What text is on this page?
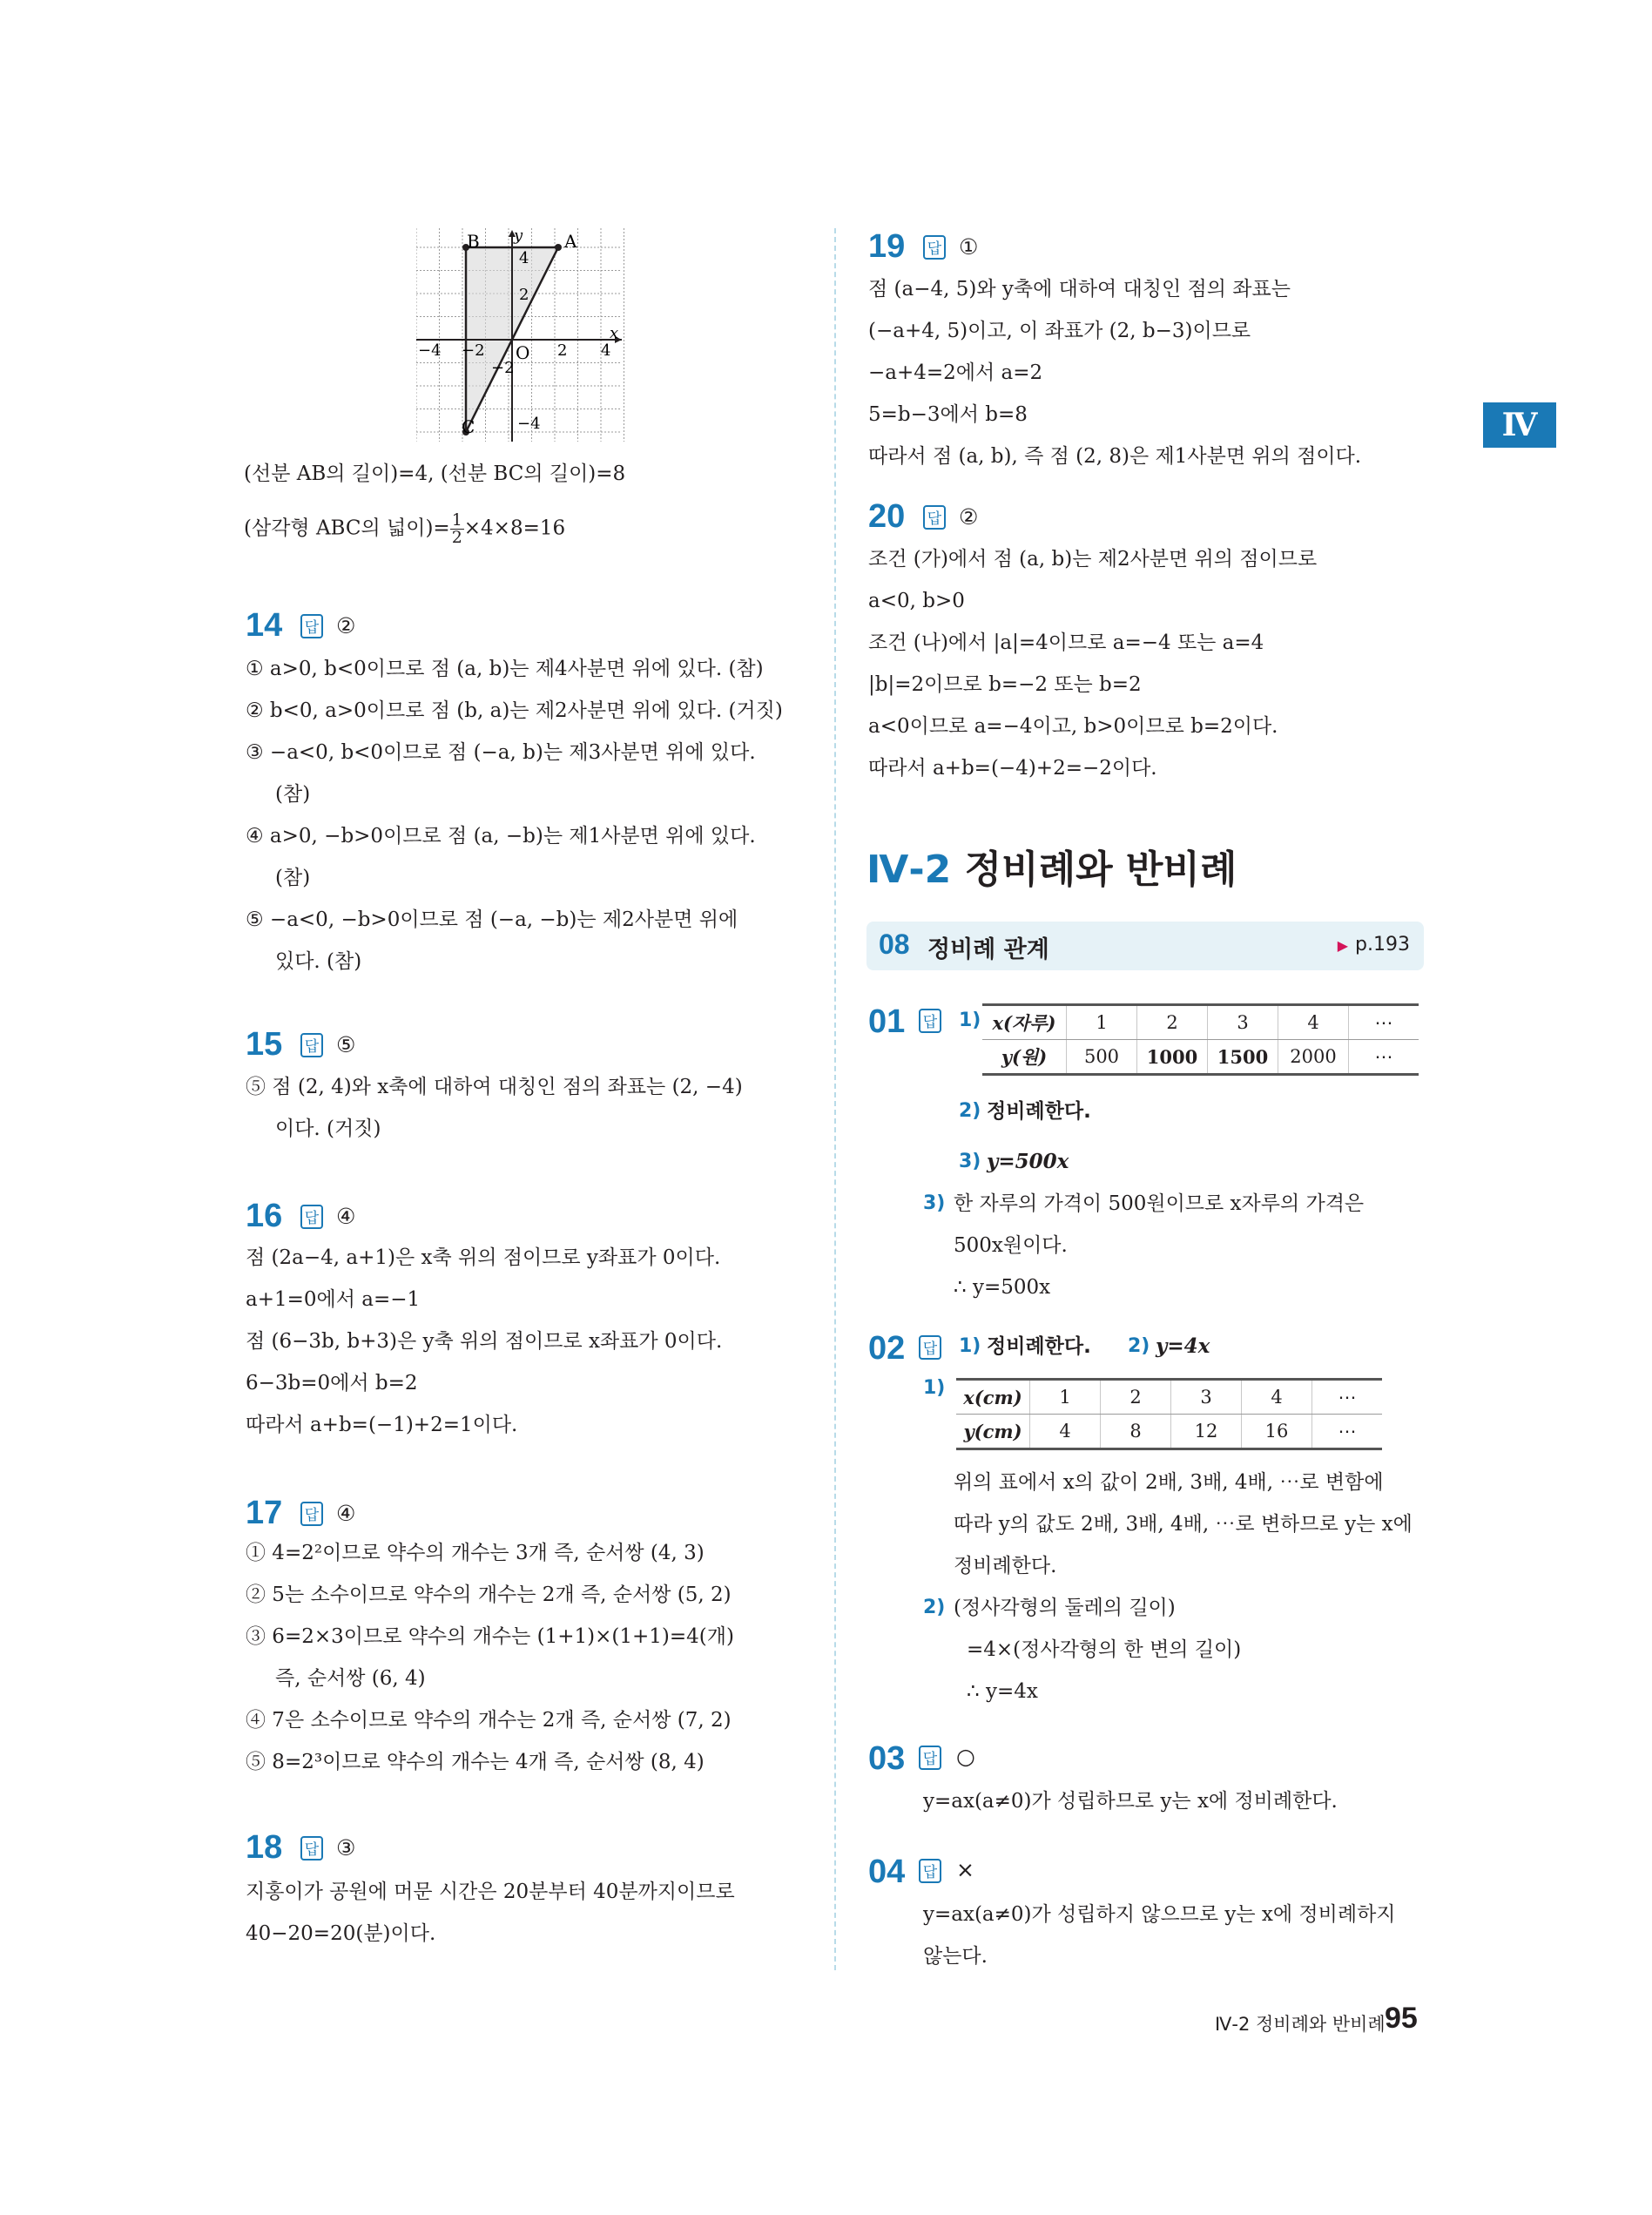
Ⅳ
B	A
C
O
x
y
−4 −2	2 4
4
2
−2
−4
(선분 AB의 길이)=4, (선분 BC의 길이)=8
(삼각형 ABC의 넓이)= $\frac{1}{2} \times 4\times 8=16$
14 답 ②
① a>0, b<0이므로 점 (a, b)는 제4사분면 위에 있다. (참)
② b<0, a>0이므로 점 (b, a)는 제2사분면 위에 있다. (거짓)
③ −a<0, b<0이므로 점 (−a, b)는 제3사분면 위에 있다.
(참)
④ a>0, −b>0이므로 점 (a, −b)는 제1사분면 위에 있다.
(참)
⑤ −a<0, −b>0이므로 점 (−a, −b)는 제2사분면 위에
있다. (참)
15 답 ⑤
⑤ 점 (2, 4)와 x축에 대하여 대칭인 점의 좌표는 (2, −4)
이다. (거짓)
16 답 ④
점 (2a−4, a+1)은 x축 위의 점이므로 y좌표가 0이다.
a+1=0에서 a=−1
점 (6−3b, b+3)은 y축 위의 점이므로 x좌표가 0이다.
6−3b=0에서 b=2
따라서 a+b=(−1)+2=1이다.
17 답 ④
① 4=2²이므로 약수의 개수는 3개 즉, 순서쌍 (4, 3)
② 5는 소수이므로 약수의 개수는 2개 즉, 순서쌍 (5, 2)
③ 6=2×3이므로 약수의 개수는 (1+1)×(1+1)=4(개)
즉, 순서쌍 (6, 4)
④ 7은 소수이므로 약수의 개수는 2개 즉, 순서쌍 (7, 2)
⑤ 8=2³이므로 약수의 개수는 4개 즉, 순서쌍 (8, 4)
18 답 ③
지홍이가 공원에 머문 시간은 20분부터 40분까지이므로
40−20=20(분)이다.
19 답 ①
점 (a−4, 5)와 y축에 대하여 대칭인 점의 좌표는
(−a+4, 5)이고, 이 좌표가 (2, b−3)이므로
−a+4=2에서 a=2
5=b−3에서 b=8
따라서 점 (a, b), 즉 점 (2, 8)은 제1사분면 위의 점이다.
20 답 ②
조건 (가)에서 점 (a, b)는 제2사분면 위의 점이므로
a<0, b>0
조건 (나)에서 |a|=4이므로 a=−4 또는 a=4
|b|=2이므로 b=−2 또는 b=2
a<0이므로 a=−4이고, b>0이므로 b=2이다.
따라서 a+b=(−4)+2=−2이다.
Ⅳ-2 정비례와 반비례
08 정비례 관계	▶ p.193
01 답 1) x(자루)	1	2	3	4	⋯
y(원)	500	1000	1500	2000	⋯
2) 정비례한다.
3) y=500x
3) 한 자루의 가격이 500원이므로 x자루의 가격은
500x원이다.
∴ y=500x
02 답 1) 정비례한다. 2) y=4x
1) x(cm)	1	2	3	4	⋯
y(cm)	4	8	12	16	⋯
위의 표에서 x의 값이 2배, 3배, 4배, ⋯로 변함에
따라 y의 값도 2배, 3배, 4배, ⋯로 변하므로 y는 x에
정비례한다.
2) (정사각형의 둘레의 길이)
=4×(정사각형의 한 변의 길이)
∴ y=4x
03 답 ○
y=ax(a≠0)가 성립하므로 y는 x에 정비례한다.
04 답 ×
y=ax(a≠0)가 성립하지 않으므로 y는 x에 정비례하지
않는다.
Ⅳ-2 정비례와 반비례 95
